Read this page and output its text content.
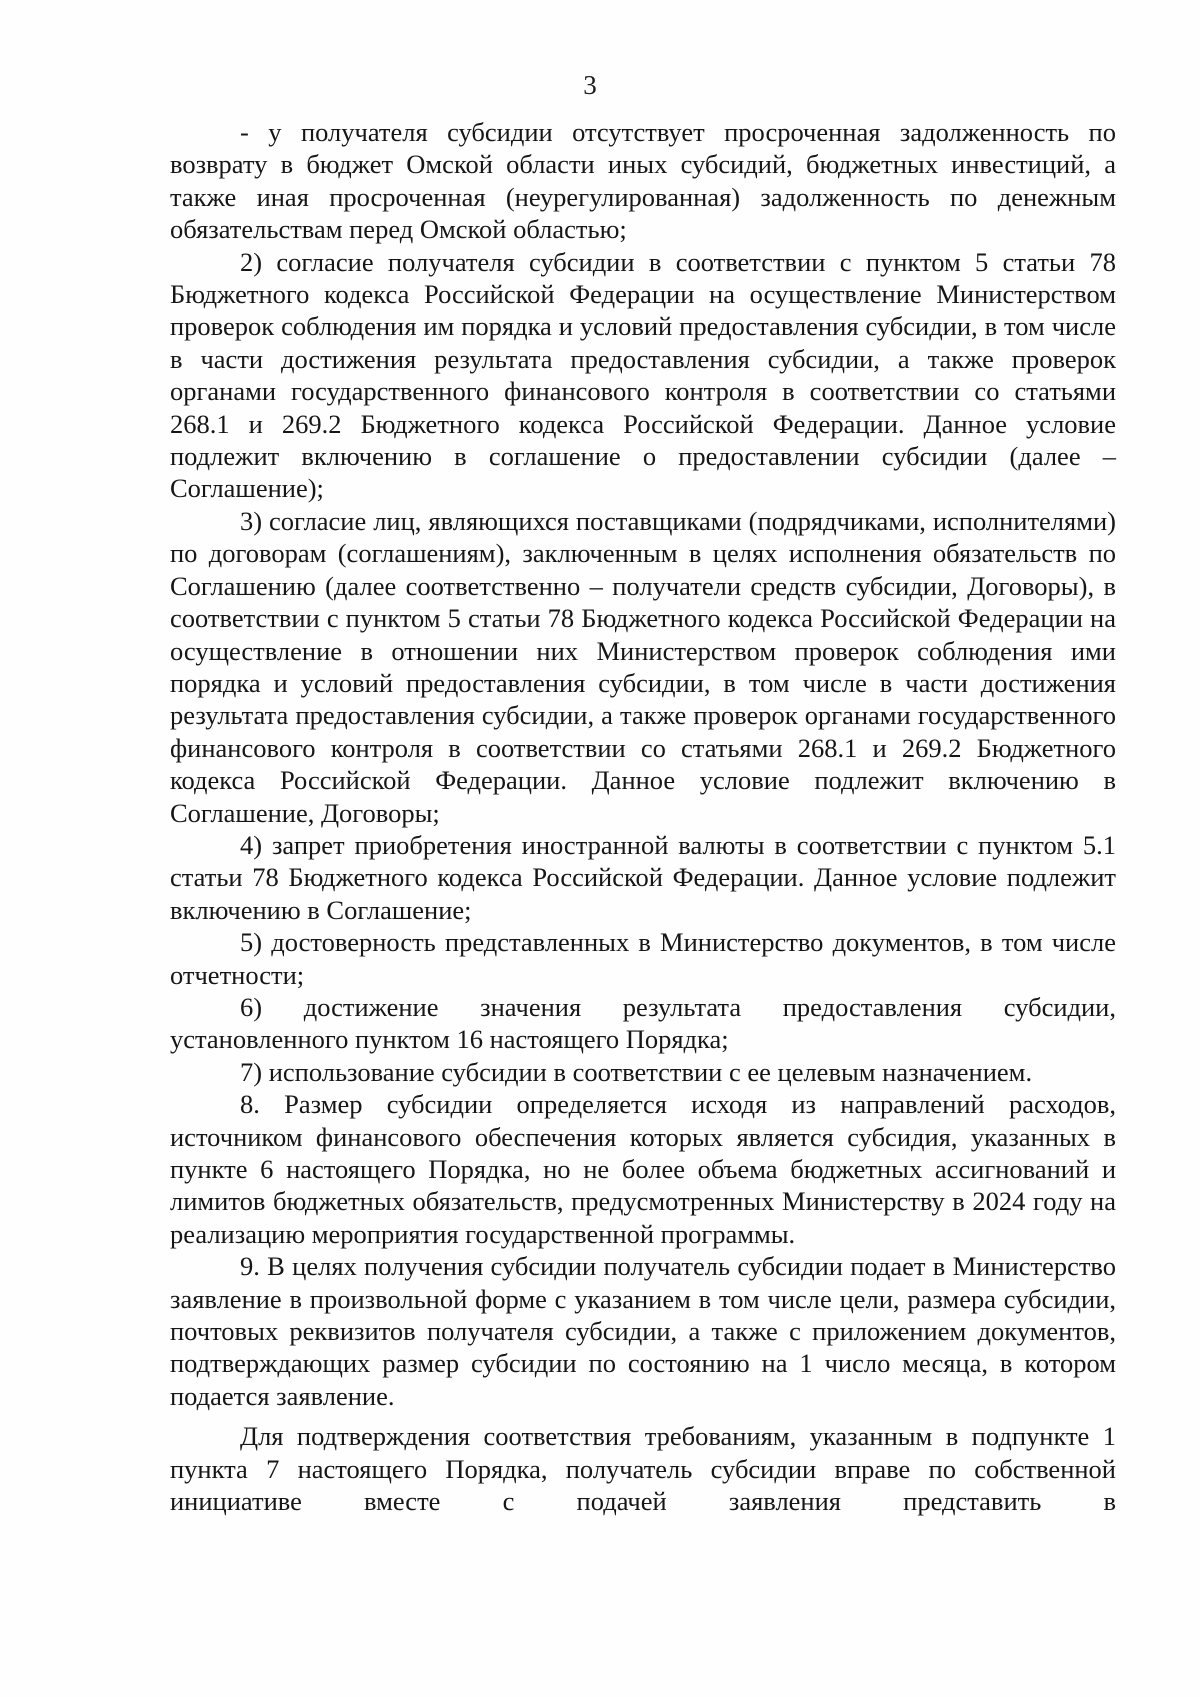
3

- у получателя субсидии отсутствует просроченная задолженность по возврату в бюджет Омской области иных субсидий, бюджетных инвестиций, а также иная просроченная (неурегулированная) задолженность по денежным обязательствам перед Омской областью;

2) согласие получателя субсидии в соответствии с пунктом 5 статьи 78 Бюджетного кодекса Российской Федерации на осуществление Министерством проверок соблюдения им порядка и условий предоставления субсидии, в том числе в части достижения результата предоставления субсидии, а также проверок органами государственного финансового контроля в соответствии со статьями 268.1 и 269.2 Бюджетного кодекса Российской Федерации. Данное условие подлежит включению в соглашение о предоставлении субсидии (далее – Соглашение);

3) согласие лиц, являющихся поставщиками (подрядчиками, исполнителями) по договорам (соглашениям), заключенным в целях исполнения обязательств по Соглашению (далее соответственно – получатели средств субсидии, Договоры), в соответствии с пунктом 5 статьи 78 Бюджетного кодекса Российской Федерации на осуществление в отношении них Министерством проверок соблюдения ими порядка и условий предоставления субсидии, в том числе в части достижения результата предоставления субсидии, а также проверок органами государственного финансового контроля в соответствии со статьями 268.1 и 269.2 Бюджетного кодекса Российской Федерации. Данное условие подлежит включению в Соглашение, Договоры;

4) запрет приобретения иностранной валюты в соответствии с пунктом 5.1 статьи 78 Бюджетного кодекса Российской Федерации. Данное условие подлежит включению в Соглашение;

5) достоверность представленных в Министерство документов, в том числе отчетности;

6) достижение значения результата предоставления субсидии, установленного пунктом 16 настоящего Порядка;

7) использование субсидии в соответствии с ее целевым назначением.

8. Размер субсидии определяется исходя из направлений расходов, источником финансового обеспечения которых является субсидия, указанных в пункте 6 настоящего Порядка, но не более объема бюджетных ассигнований и лимитов бюджетных обязательств, предусмотренных Министерству в 2024 году на реализацию мероприятия государственной программы.

9. В целях получения субсидии получатель субсидии подает в Министерство заявление в произвольной форме с указанием в том числе цели, размера субсидии, почтовых реквизитов получателя субсидии, а также с приложением документов, подтверждающих размер субсидии по состоянию на 1 число месяца, в котором подается заявление.

Для подтверждения соответствия требованиям, указанным в подпункте 1 пункта 7 настоящего Порядка, получатель субсидии вправе по собственной инициативе вместе с подачей заявления представить в
